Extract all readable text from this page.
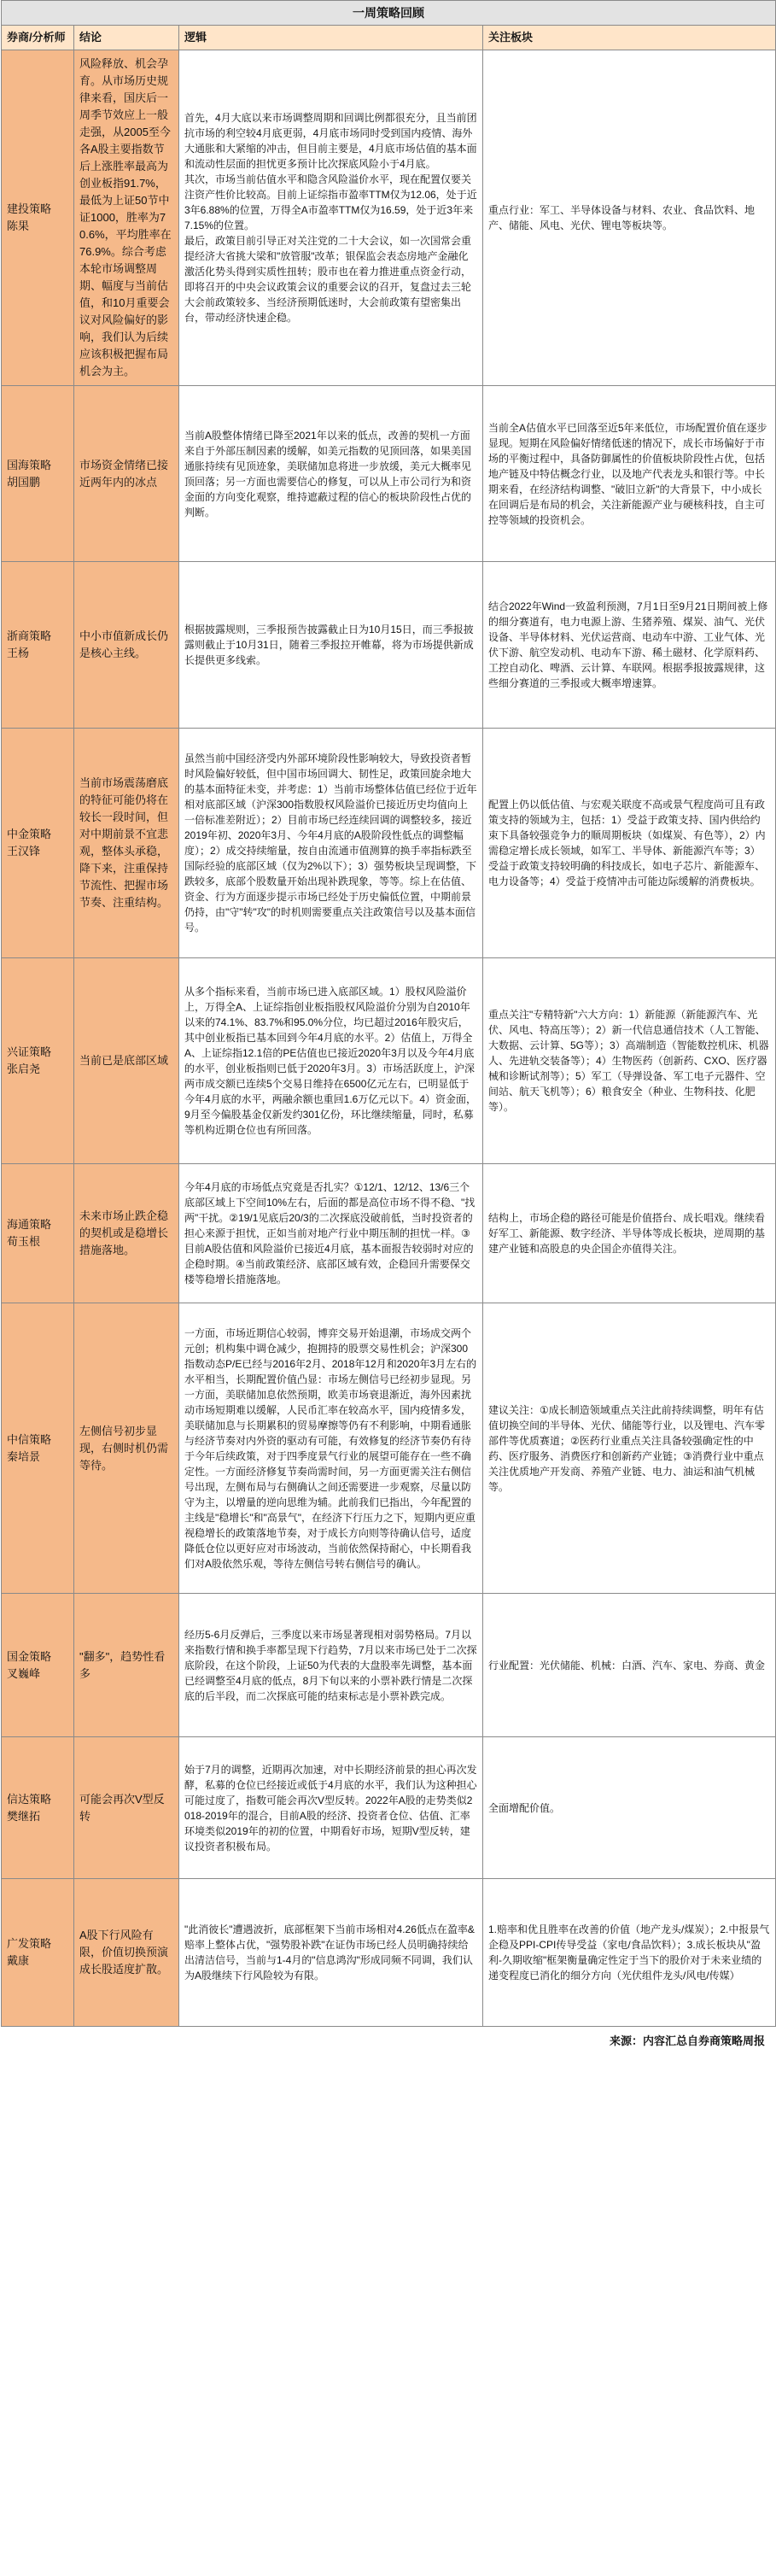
一周策略回顾			
券商/分析师	结论	逻辑	关注板块
建投策略
陈果	风险释放、机会孕育。从市场历史规律来看，国庆后一周季节效应上一般走强，从2005至今各A股主要指数节后上涨胜率最高为创业板指91.7%，最低为上证50节中证1000，胜率为70.6%，平均胜率在76.9%。综合考虑本轮市场调整周期、幅度与当前估值，和10月重要会议对风险偏好的影响，我们认为后续应该积极把握布局机会为主。	首先，4月大底以来市场调整周期和回调比例都很充分，且当前团抗市场的利空较4月底更弱，4月底市场同时受到国内疫情、海外大通胀和大紧缩的冲击，但目前主要是，4月底市场估值的基本面和流动性层面的担忧更多预计比次探底风险小于4月底。
其次，市场当前估值水平和隐含风险溢价水平，现在配置仅要关注资产性价比较高。目前上证综指市盈率TTM仅为12.06，处于近3年6.88%的位置，万得全A市盈率TTM仅为16.59，处于近3年来7.15%的位置。
最后，政策目前引导正对关注党的二十大会议，如一次国常会重提经济大省挑大梁和"放管服"改革；银保监会表态房地产金融化激活化势头得到实质性扭转；股市也在着力推进重点资金行动，即将召开的中央会议政策会议的重要会议的召开，复盘过去三轮大会前政策较多、当经济预期低迷时，大会前政策有望密集出台，带动经济快速企稳。	重点行业：军工、半导体设备与材料、农业、食品饮料、地产、储能、风电、光伏、锂电等板块等。
国海策略
胡国鹏	市场资金情绪已接近两年内的冰点	当前A股整体情绪已降至2021年以来的低点，改善的契机一方面来自于外部压制因素的缓解，如美元指数的见顶回落，如果美国通胀持续有见顶迹象，美联储加息将进一步放缓，美元大概率见顶回落；另一方面也需要信心的修复，可以从上市公司行为和资金面的方向变化观察，维持遮蔽过程的信心的板块阶段性占优的判断。	当前全A估值水平已回落至近5年来低位，市场配置价值在逐步显现。短期在风险偏好情绪低迷的情况下，成长市场偏好于市场的平衡过程中，具备防御属性的价值板块阶段性占优，包括地产链及中特估概念行业，以及地产代表龙头和银行等。中长期来看，在经济结构调整、"破旧立新"的大背景下，中小成长在回调后是布局的机会，关注新能源产业与硬核科技，自主可控等领域的投资机会。
浙商策略
王杨	中小市值新成长仍是核心主线。	根据披露规则，三季报预告披露截止日为10月15日，而三季报披露则截止于10月31日，随着三季报拉开帷幕，将为市场提供新成长提供更多线索。	结合2022年Wind一致盈利预测，7月1日至9月21日期间被上修的细分赛道有，电力电源上游、生猪养殖、煤炭、油气、光伏设备、半导体材料、光伏运营商、电动车中游、工业气体、光伏下游、航空发动机、电动车下游、稀土磁材、化学原料药、工控自动化、啤酒、云计算、车联网。根据季报披露规律，这些细分赛道的三季报或大概率增速算。
中金策略
王汉锋	当前市场震荡磨底的特征可能仍将在较长一段时间，但对中期前景不宜悲观，整体头承稳，降下来，注重保持节流性、把握市场节奏、注重结构。	虽然当前中国经济受内外部环境阶段性影响较大，导致投资者暂时风险偏好较低，但中国市场回调大、韧性足，政策回旋余地大的基本面特征未变，并考虑：1）当前市场整体估值已经位于近年相对底部区域（沪深300指数股权风险溢价已接近历史均值向上一倍标准差附近）；2）目前市场已经连续回调的调整较多，接近2019年初、2020年3月、今年4月底的A股阶段性低点的调整幅度）；2）成交持续缩量，按自由流通市值测算的换手率指标跌至国际经验的底部区域（仅为2%以下）；3）强势板块呈现调整，下跌较多，底部个股数量开始出现补跌现象，等等。综上在估值、资金、行为方面逐步提示市场已经处于历史偏低位置，中期前景仍持，由"守"转"攻"的时机则需要重点关注政策信号以及基本面信号。	配置上仍以低估值、与宏观关联度不高或景气程度尚可且有政策支持的领域为主，包括：1）受益于政策支持、国内供给约束下具备较强竞争力的顺周期板块（如煤炭、有色等），2）内需稳定增长成长领域，如军工、半导体、新能源汽车等；3）受益于政策支持较明确的科技成长，如电子芯片、新能源车、电力设备等；4）受益于疫情冲击可能边际缓解的消费板块。
兴证策略
张启尧	当前已是底部区域	从多个指标来看，当前市场已进入底部区域。1）股权风险溢价上，万得全A、上证综指创业板指股权风险溢价分别为自2010年以来的74.1%、83.7%和95.0%分位，均已超过2016年股灾后，其中创业板指已基本回到今年4月底的水平。2）估值上，万得全A、上证综指12.1倍的PE估值也已接近2020年3月以及今年4月底的水平，创业板指则已低于2020年3月。3）市场活跃度上，沪深两市成交额已连续5个交易日维持在6500亿元左右，已明显低于今年4月底的水平，两融余额也重回1.6万亿元以下。4）资金面，9月至今偏股基金仅新发约301亿份，环比继续缩量，同时，私募等机构近期仓位也有所回落。	重点关注"专精特新"六大方向：1）新能源（新能源汽车、光伏、风电、特高压等）；2）新一代信息通信技术（人工智能、大数据、云计算、5G等）；3）高端制造（智能数控机床、机器人、先进轨交装备等）；4）生物医药（创新药、CXO、医疗器械和诊断试剂等）；5）军工（导弹设备、军工电子元器件、空间站、航天飞机等）；6）粮食安全（种业、生物科技、化肥等）。
海通策略
荀玉根	未来市场止跌企稳的契机或是稳增长措施落地。	今年4月底的市场低点究竟是否扎实？①12/1、12/12、13/6三个底部区域上下空间10%左右，后面的都是高位市场不得不稳、"找两"干扰。②19/1见底后20/3的二次探底没破前低，当时投资者的担心来源于担忧，正如当前对地产行业中期压制的担忧一样。③目前A股估值和风险溢价已接近4月底，基本面报告较弱时对应的企稳时期。④当前政策经济、底部区域有效，企稳回升需要保交楼等稳增长措施落地。	结构上，市场企稳的路径可能是价值搭台、成长唱戏。继续看好军工、新能源、数字经济、半导体等成长板块，逆周期的基建产业链和高股息的央企国企亦值得关注。
中信策略
秦培景	左侧信号初步显现，右侧时机仍需等待。	一方面，市场近期信心较弱，博弈交易开始退潮，市场成交两个元创；机构集中调仓减少，抱拥持的股票交易性机会；沪深300指数动态P/E已经与2016年2月、2018年12月和2020年3月左右的水平相当，长期配置价值凸显：市场左侧信号已经初步显现。另一方面，美联储加息依然预期，欧美市场衰退渐近，海外因素扰动市场短期难以缓解，人民币汇率在较高水平，国内疫情多发，美联储加息与长期累积的贸易摩擦等仍有不利影响，中期看通胀与经济节奏对内外资的驱动有可能，有效修复的经济节奏仍有待于今年后续政策，对于四季度景气行业的展望可能存在一些不确定性。一方面经济修复节奏尚需时间，另一方面更需关注右侧信号出现，左侧布局与右侧确认之间还需要进一步观察，尽量以防守为主，以增量的逆向思维为辅。此前我们已指出，今年配置的主线是"稳增长"和"高景气"，在经济下行压力之下，短期内更应重视稳增长的政策落地节奏，对于成长方向则等待确认信号，适度降低仓位以更好应对市场波动，当前依然保持耐心，中长期看我们对A股依然乐观，等待左侧信号转右侧信号的确认。	建议关注：①成长制造领域重点关注此前持续调整，明年有估值切换空间的半导体、光伏、储能等行业，以及锂电、汽车零部件等优质赛道；②医药行业重点关注具备较强确定性的中药、医疗服务、消费医疗和创新药产业链；③消费行业中重点关注优质地产开发商、养殖产业链、电力、油运和油气机械等。
国金策略
叉巍峰	"翻多"，趋势性看多	经历5-6月反弹后，三季度以来市场显著现相对弱势格局。7月以来指数行情和换手率都呈现下行趋势，7月以来市场已处于二次探底阶段，在这个阶段，上证50为代表的大盘股率先调整，基本面已经调整至4月底的低点，8月下旬以来的小票补跌行情是二次探底的后半段，而二次探底可能的结束标志是小票补跌完成。	行业配置：光伏储能、机械：白酒、汽车、家电、券商、黄金
信达策略
樊继拓	可能会再次V型反转	始于7月的调整，近期再次加速，对中长期经济前景的担心再次发酵，私募的仓位已经接近或低于4月底的水平，我们认为这种担心可能过度了，指数可能会再次V型反转。2022年A股的走势类似2018-2019年的混合，目前A股的经济、投资者仓位、估值、汇率环境类似2019年的初的位置，中期看好市场，短期V型反转，建议投资者积极布局。	全面增配价值。
广发策略
戴康	A股下行风险有限，价值切换预演成长股适度扩散。	"此消彼长"遭遇波折，底部框架下当前市场相对4.26低点在盈率&赔率上整体占优，"强势股补跌"在证伪市场已经人员明确持续给出清洁信号，当前与1-4月的"信息鸿沟"形成同频不同调，我们认为A股继续下行风险较为有限。	1.赔率和优且胜率在改善的价值（地产龙头/煤炭）；2.中报景气企稳及PPI-CPI传导受益（家电/食品饮料）；3.成长板块从"盈利-久期收缩"框架衡量确定性定于当下的股价对于未来业绩的递变程度已消化的细分方向（光伏组件龙头/风电/传媒）
来源：内容汇总自券商策略周报
